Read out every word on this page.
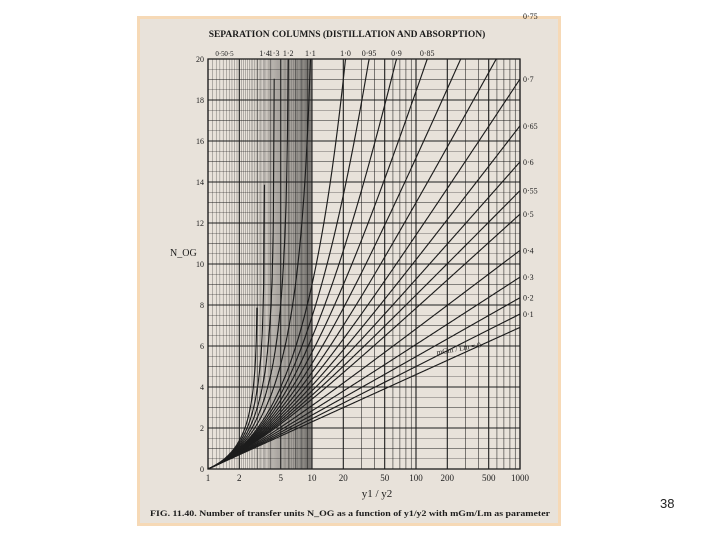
SEPARATION COLUMNS (DISTILLATION AND ABSORPTION)
1	2	5	10 20	50 100 200	500 1000
0
2
4
6
8
10
12
14
16
18
20
1·3
1·4 1·2 1·1	1·0 0·95 0·9 0·85
0·5 0·5
0·75
0·7
0·65
0·6
0·55
0·5
0·4
0·3
0·2
0·1
mGm / Lm = 0
N_OG
y1 / y2
FIG. 11.40. Number of transfer units N_OG as a function of y1/y2 with mGm/Lm as parameter
38
